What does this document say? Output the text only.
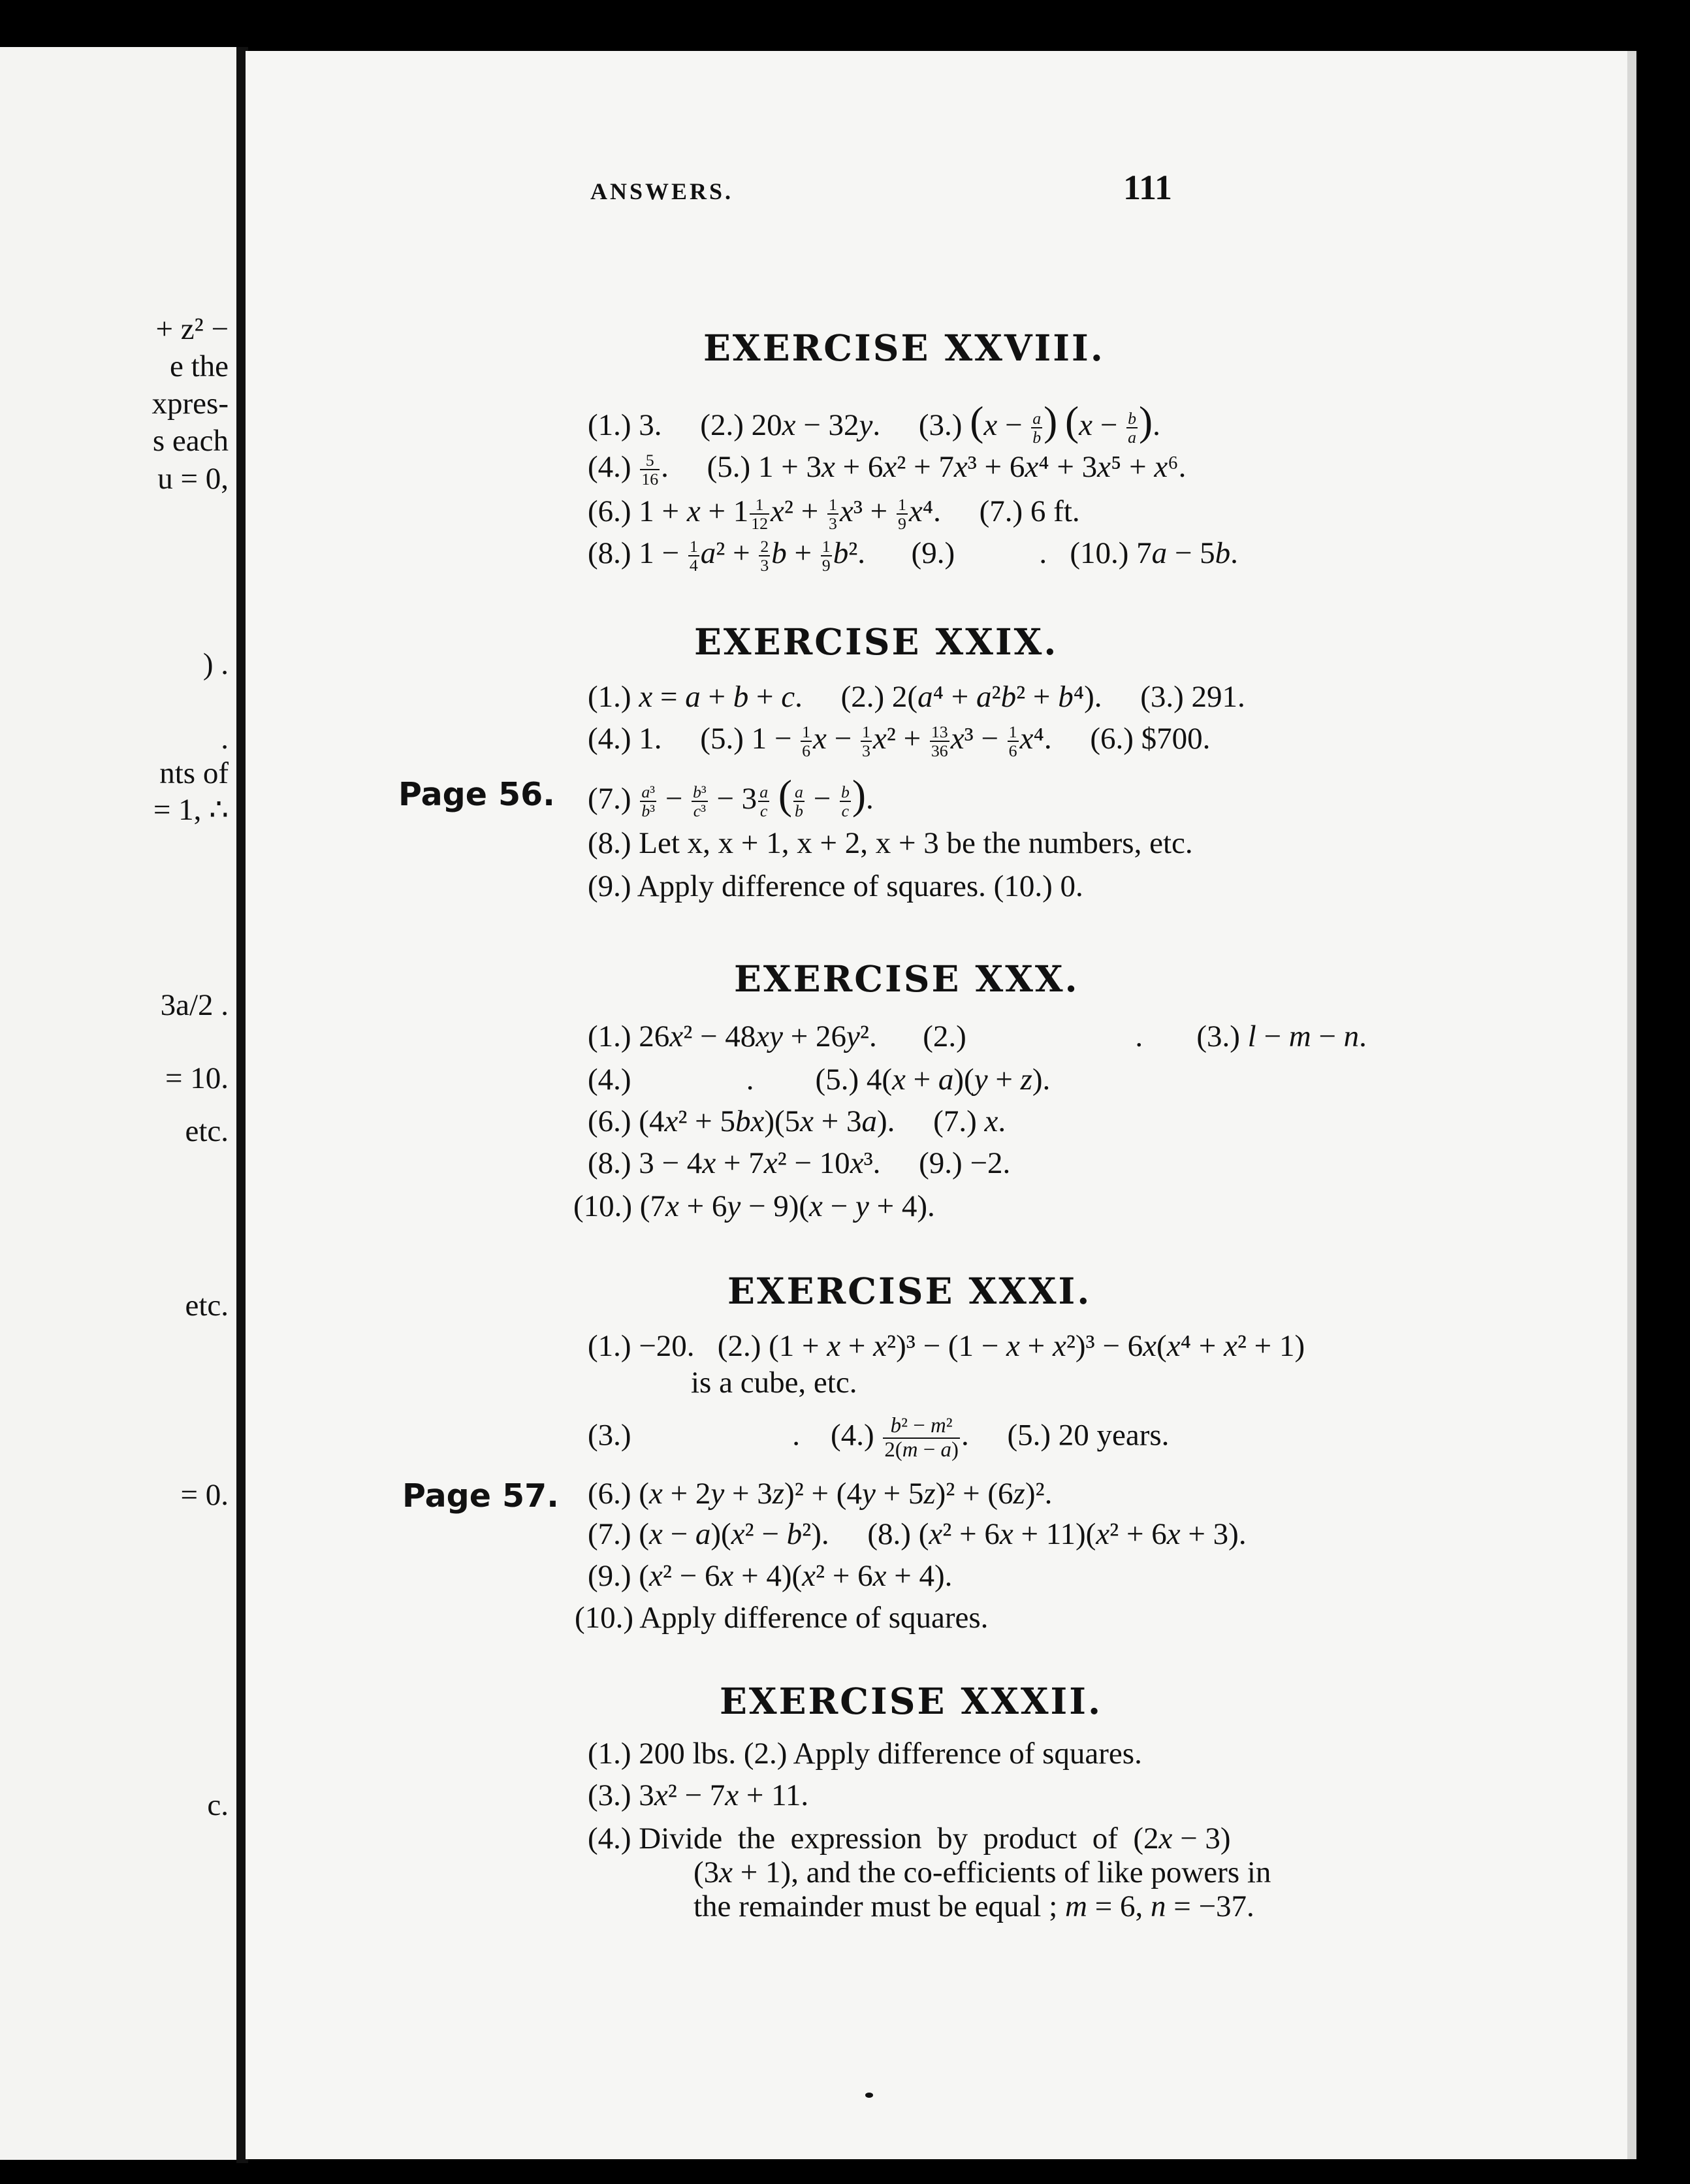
+ z² −
e the
xpres-
s each
u = 0,
) .
.
nts of
= 1, ∴
3a/2 .
= 10.
etc.
etc.
= 0.
c.
ANSWERS.	111
EXERCISE XXVIII.
(1.) 3.     (2.) 20x − 32y.     (3.) ($x - \frac{a}{b}$ ) ($x - \frac{b}{a}$ ).
$(4.) \frac{5}{16}$ .     (5.) 1 + 3x + 6x² + 7x³ + 6x⁴ + 3x⁵ + x⁶.
(6.) $1 + x + 1 \frac{1}{12} x^2 + \frac{1}{3} x^3 + \frac{1}{9} x^4$.     (7.) 6 ft.
(8.) $1 - \frac{1}{4} a^2 + \frac{2}{3}$ $b + \frac{1}{9} b^2$.      (9.)           .   (10.) 7a − 5b.
EXERCISE XXIX.
(1.) x = a + b + c.     (2.) 2(a⁴ + a²b² + b⁴).     (3.) 291.
(4.) 1.     (5.) $1 - \frac{1}{6}$ $x - \frac{1}{3} x^2 + \frac{13}{36} x^3 - \frac{1}{6} x^4$.     (6.) $700.
Page 56. $(7.) \frac{\text{a³}}{\text{b³}} - \frac{\text{b³}}{\text{c³}} - 3 \frac{a}{c}$ ( $\frac{a}{b} - \frac{b}{c}$ ).
(8.) Let x, x + 1, x + 2, x + 3 be the numbers, etc.
(9.) Apply difference of squares. (10.) 0.
EXERCISE XXX.
(1.) 26x² − 48xy + 26y².      (2.)                      .       (3.) l − m − n.
(4.)               .        (5.) 4(x + a)(y + z).
(6.) (4x² + 5bx)(5x + 3a).     (7.) x.
(8.) 3 − 4x + 7x² − 10x³.     (9.) −2.
(10.) (7x + 6y − 9)(x − y + 4).
EXERCISE XXXI.
(1.) −20.   (2.) (1 + x + x²)³ − (1 − x + x²)³ − 6x(x⁴ + x² + 1)
is a cube, etc.
(3.)                     .    $(4.) \frac{\text{b² − m²}}{2(m - a)}$ .     (5.) 20 years.
Page 57. (6.) (x + 2y + 3z)² + (4y + 5z)² + (6z)².
(7.) (x − a)(x² − b²).     (8.) (x² + 6x + 11)(x² + 6x + 3).
(9.) (x² − 6x + 4)(x² + 6x + 4).
(10.) Apply difference of squares.
EXERCISE XXXII.
(1.) 200 lbs. (2.) Apply difference of squares.
(3.) 3x² − 7x + 11.
(4.) Divide  the  expression  by  product  of  (2x − 3)
(3x + 1), and the co-efficients of like powers in
the remainder must be equal ; m = 6, n = −37.
